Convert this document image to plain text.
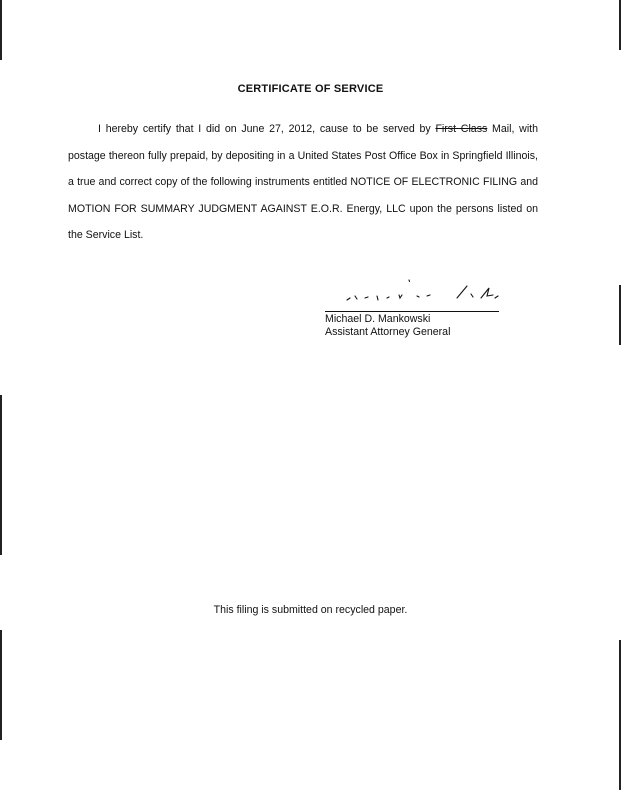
CERTIFICATE OF SERVICE
I hereby certify that I did on June 27, 2012, cause to be served by First Class Mail, with postage thereon fully prepaid, by depositing in a United States Post Office Box in Springfield Illinois, a true and correct copy of the following instruments entitled NOTICE OF ELECTRONIC FILING and MOTION FOR SUMMARY JUDGMENT AGAINST E.O.R. Energy, LLC upon the persons listed on the Service List.
Michael D. Mankowski
Assistant Attorney General
This filing is submitted on recycled paper.
